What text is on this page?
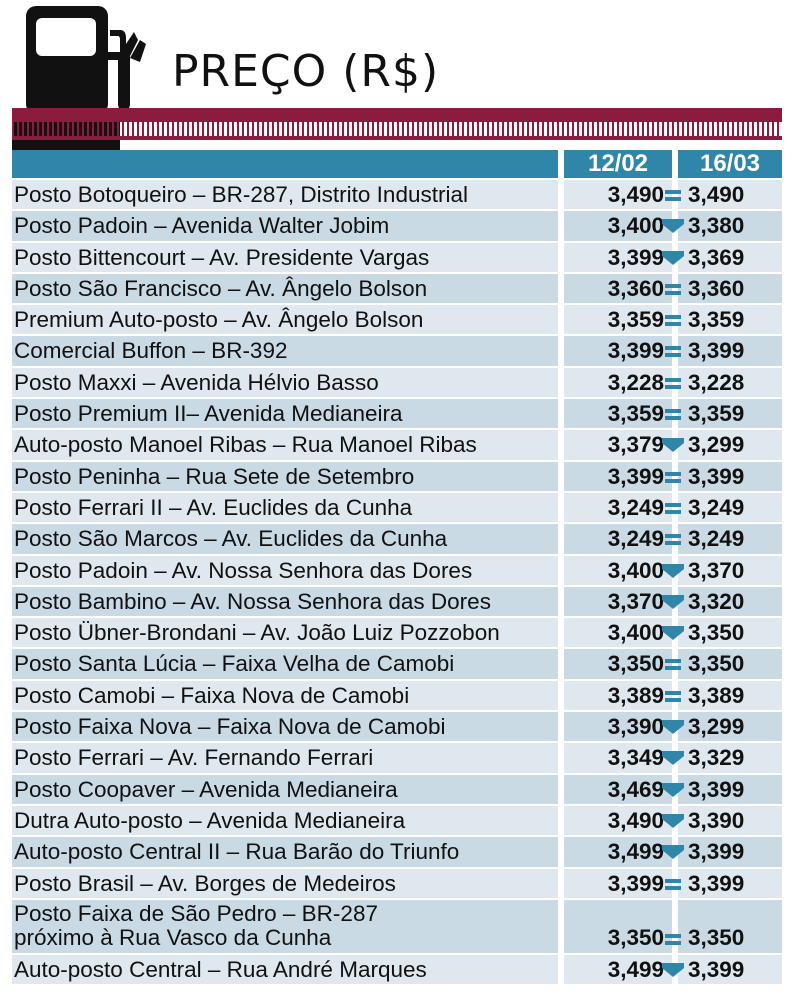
PREÇO (R$)
12/02	16/03
Posto Botoqueiro – BR-287, Distrito Industrial	3,490	3,490
Posto Padoin – Avenida Walter Jobim	3,400	3,380
Posto Bittencourt – Av. Presidente Vargas	3,399	3,369
Posto São Francisco – Av. Ângelo Bolson	3,360	3,360
Premium Auto-posto – Av. Ângelo Bolson	3,359	3,359
Comercial Buffon – BR-392	3,399	3,399
Posto Maxxi – Avenida Hélvio Basso	3,228	3,228
Posto Premium II– Avenida Medianeira	3,359	3,359
Auto-posto Manoel Ribas – Rua Manoel Ribas	3,379	3,299
Posto Peninha – Rua Sete de Setembro	3,399	3,399
Posto Ferrari II – Av. Euclides da Cunha	3,249	3,249
Posto São Marcos – Av. Euclides da Cunha	3,249	3,249
Posto Padoin – Av. Nossa Senhora das Dores	3,400	3,370
Posto Bambino – Av. Nossa Senhora das Dores	3,370	3,320
Posto Übner-Brondani – Av. João Luiz Pozzobon	3,400	3,350
Posto Santa Lúcia – Faixa Velha de Camobi	3,350	3,350
Posto Camobi – Faixa Nova de Camobi	3,389	3,389
Posto Faixa Nova – Faixa Nova de Camobi	3,390	3,299
Posto Ferrari – Av. Fernando Ferrari	3,349	3,329
Posto Coopaver – Avenida Medianeira	3,469	3,399
Dutra Auto-posto – Avenida Medianeira	3,490	3,390
Auto-posto Central II – Rua Barão do Triunfo	3,499	3,399
Posto Brasil – Av. Borges de Medeiros	3,399	3,399
Posto Faixa de São Pedro – BR-287
próximo à Rua Vasco da Cunha	3,350	3,350
Auto-posto Central – Rua André Marques	3,499	3,399
